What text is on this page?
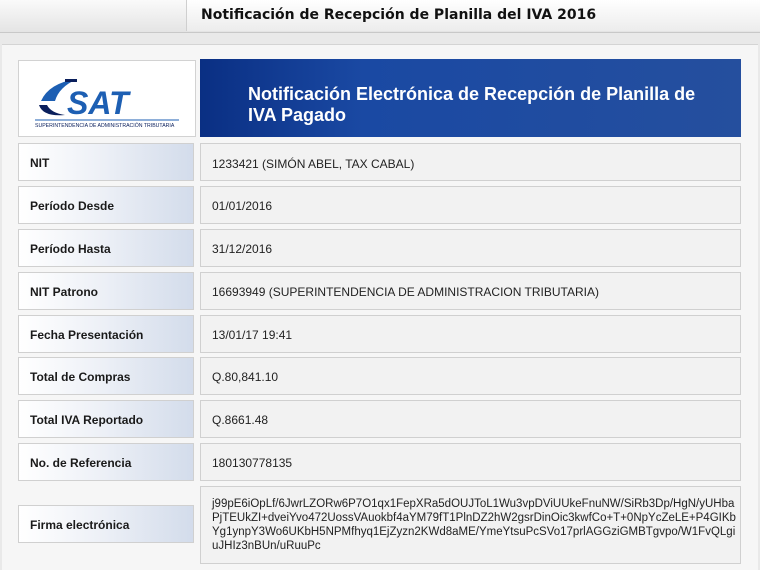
Notificación de Recepción de Planilla del IVA 2016
SAT
SUPERINTENDENCIA DE ADMINISTRACIÓN TRIBUTARIA
Notificación Electrónica de Recepción de Planilla de IVA Pagado
NIT	1233421 (SIMÓN ABEL, TAX CABAL)
Período Desde	01/01/2016
Período Hasta	31/12/2016
NIT Patrono	16693949 (SUPERINTENDENCIA DE ADMINISTRACION TRIBUTARIA)
Fecha Presentación	13/01/17 19:41
Total de Compras	Q.80,841.10
Total IVA Reportado	Q.8661.48
No. de Referencia	180130778135
Firma electrónica
j99pE6iOpLf/6JwrLZORw6P7O1qx1FepXRa5dOUJToL1Wu3vpDViUUkeFnuNW/SiRb3Dp/HgN/yUHbaPjTEUkZI+dveiYvo472UossVAuokbf4aYM79fT1PlnDZ2hW2gsrDinOic3kwfCo+T+0NpYcZeLE+P4GIKbYg1ynpY3Wo6UKbH5NPMfhyq1EjZyzn2KWd8aME/YmeYtsuPcSVo17prlAGGziGMBTgvpo/W1FvQLgiuJHIz3nBUn/uRuuPc
